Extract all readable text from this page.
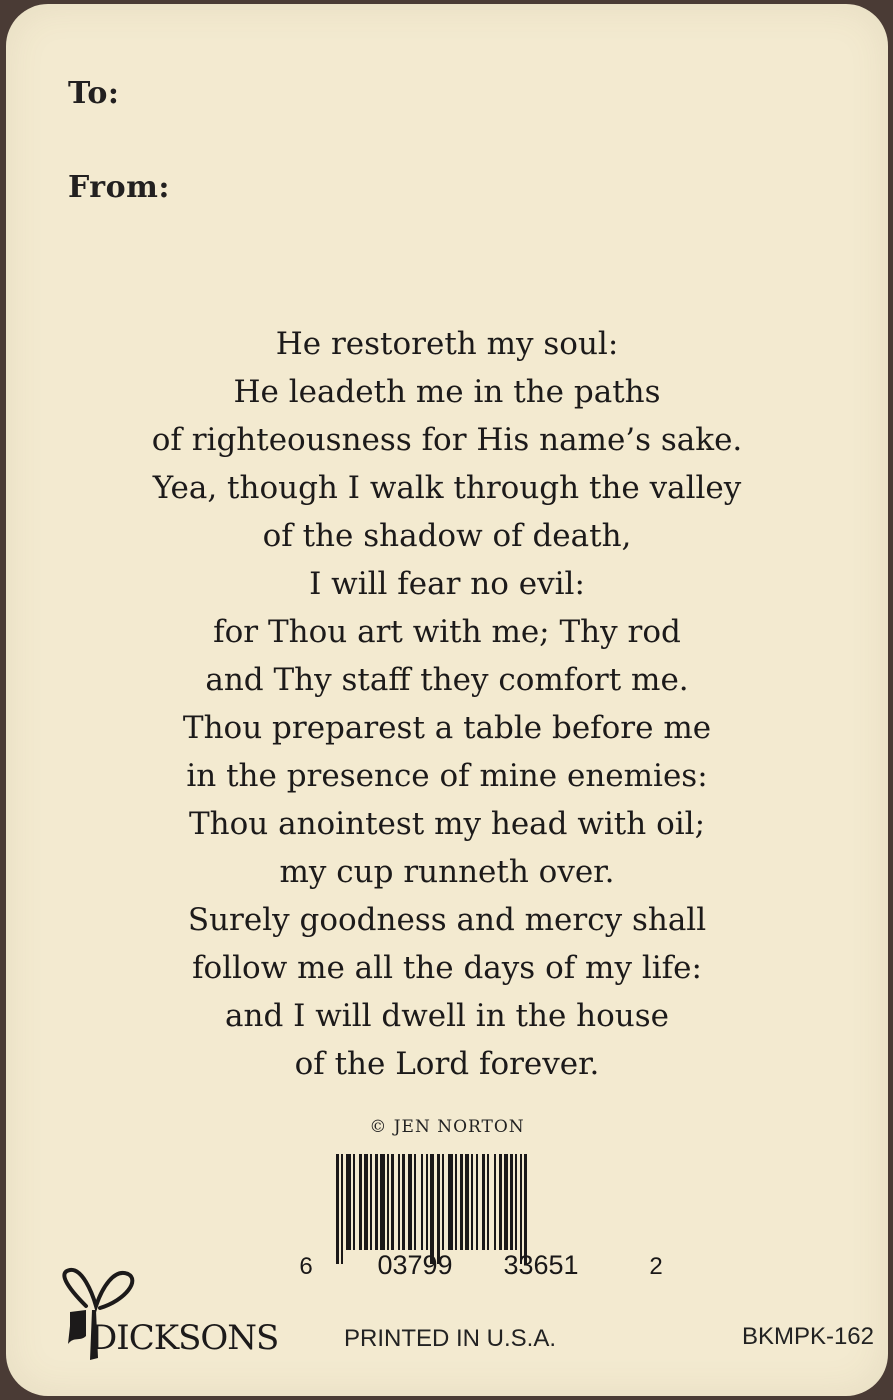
To:
From:
He restoreth my soul:
He leadeth me in the paths
of righteousness for His name’s sake.
Yea, though I walk through the valley
of the shadow of death,
I will fear no evil:
for Thou art with me; Thy rod
and Thy staff they comfort me.
Thou preparest a table before me
in the presence of mine enemies:
Thou anointest my head with oil;
my cup runneth over.
Surely goodness and mercy shall
follow me all the days of my life:
and I will dwell in the house
of the Lord forever.
© JEN NORTON
6 03799 33651	2
DICKSONS	PRINTED IN U.S.A.	BKMPK-162
